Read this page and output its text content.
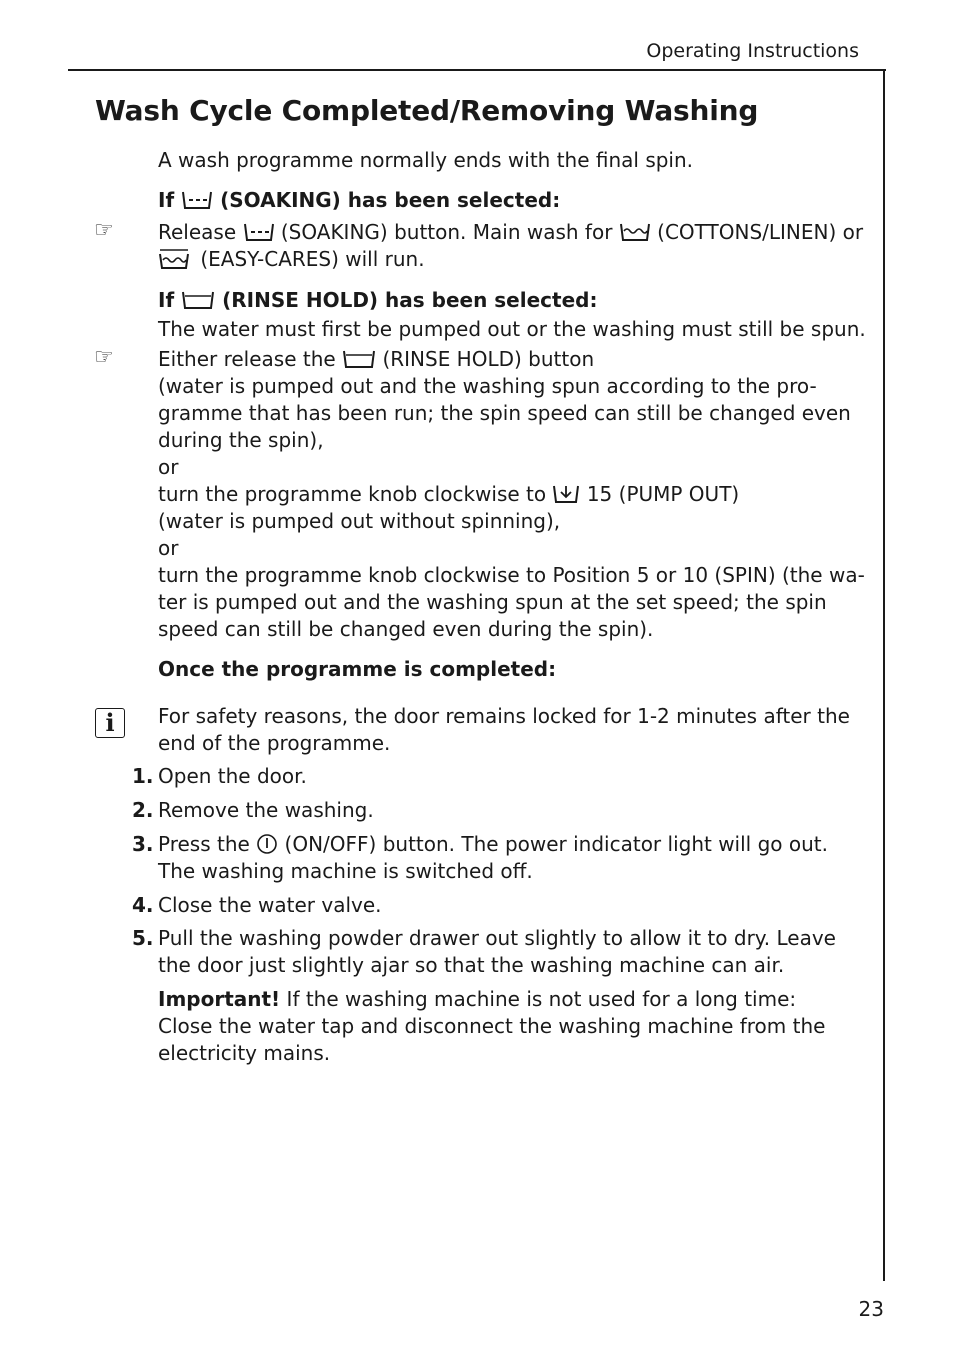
Operating Instructions
Wash Cycle Completed/Removing Washing
A wash programme normally ends with the final spin.
If (SOAKING) has been selected:
☞ Release (SOAKING) button. Main wash for (COTTONS/LINEN) or
(EASY-CARES) will run.
If (RINSE HOLD) has been selected:
The water must first be pumped out or the washing must still be spun.
☞ Either release the (RINSE HOLD) button
(water is pumped out and the washing spun according to the pro-
gramme that has been run; the spin speed can still be changed even
during the spin),
or
turn the programme knob clockwise to 15 (PUMP OUT)
(water is pumped out without spinning),
or
turn the programme knob clockwise to Position 5 or 10 (SPIN) (the wa-
ter is pumped out and the washing spun at the set speed; the spin
speed can still be changed even during the spin).
Once the programme is completed:
i	For safety reasons, the door remains locked for 1-2 minutes after the
end of the programme.
1. Open the door.
2. Remove the washing.
3. Press the (ON/OFF) button. The power indicator light will go out.
The washing machine is switched off.
4. Close the water valve.
5. Pull the washing powder drawer out slightly to allow it to dry. Leave
the door just slightly ajar so that the washing machine can air.
Important! If the washing machine is not used for a long time:
Close the water tap and disconnect the washing machine from the
electricity mains.
23
